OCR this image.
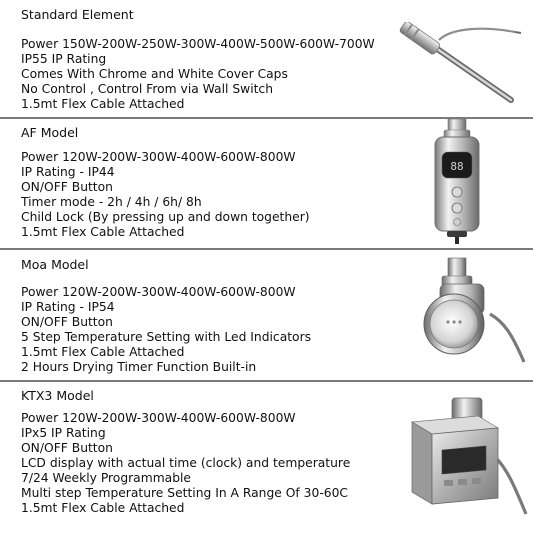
Standard Element
Power 150W-200W-250W-300W-400W-500W-600W-700W
IP55 IP Rating
Comes With Chrome and White Cover Caps
No Control , Control From via Wall Switch
1.5mt Flex Cable Attached
AF Model
Power 120W-200W-300W-400W-600W-800W
IP Rating - IP44
ON/OFF Button
Timer mode - 2h / 4h / 6h/ 8h
Child Lock (By pressing up and down together)
1.5mt Flex Cable Attached
88
Moa Model
Power 120W-200W-300W-400W-600W-800W
IP Rating - IP54
ON/OFF Button
5 Step Temperature Setting with Led Indicators
1.5mt Flex Cable Attached
2 Hours Drying Timer Function Built-in
KTX3 Model
Power 120W-200W-300W-400W-600W-800W
IPx5 IP Rating
ON/OFF Button
LCD display with actual time (clock) and temperature
7/24 Weekly Programmable
Multi step Temperature Setting In A Range Of 30-60C
1.5mt Flex Cable Attached
